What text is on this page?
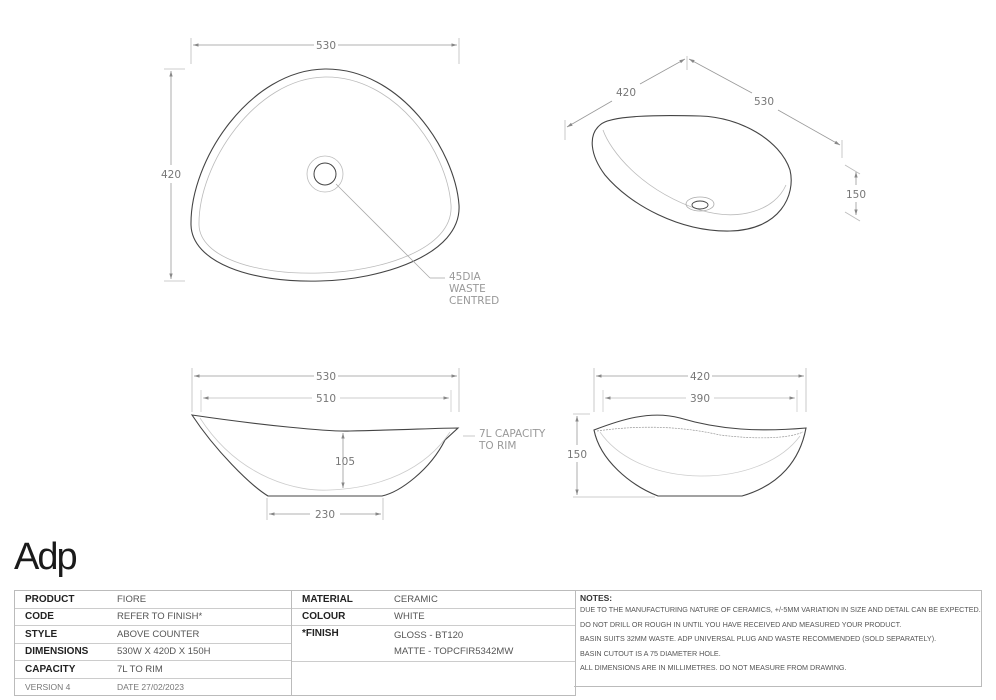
530
420
45DIA
WASTE
CENTRED
420
530
150
530
510
105
7L CAPACITY
TO RIM
230
420
390
150
Adp
PRODUCT	FIORE
CODE	REFER TO FINISH*
STYLE	ABOVE COUNTER
DIMENSIONS	530W X 420D X 150H
CAPACITY	7L TO RIM
VERSION 4	DATE 27/02/2023
MATERIAL	CERAMIC
COLOUR	WHITE
*FINISH	GLOSS - BT120
MATTE - TOPCFIR5342MW
NOTES:
DUE TO THE MANUFACTURING NATURE OF CERAMICS, +/-5MM VARIATION IN SIZE AND DETAIL CAN BE EXPECTED.
DO NOT DRILL OR ROUGH IN UNTIL YOU HAVE RECEIVED AND MEASURED YOUR PRODUCT.
BASIN SUITS 32MM WASTE. ADP UNIVERSAL PLUG AND WASTE RECOMMENDED (SOLD SEPARATELY).
BASIN CUTOUT IS A 75 DIAMETER HOLE.
ALL DIMENSIONS ARE IN MILLIMETRES. DO NOT MEASURE FROM DRAWING.
